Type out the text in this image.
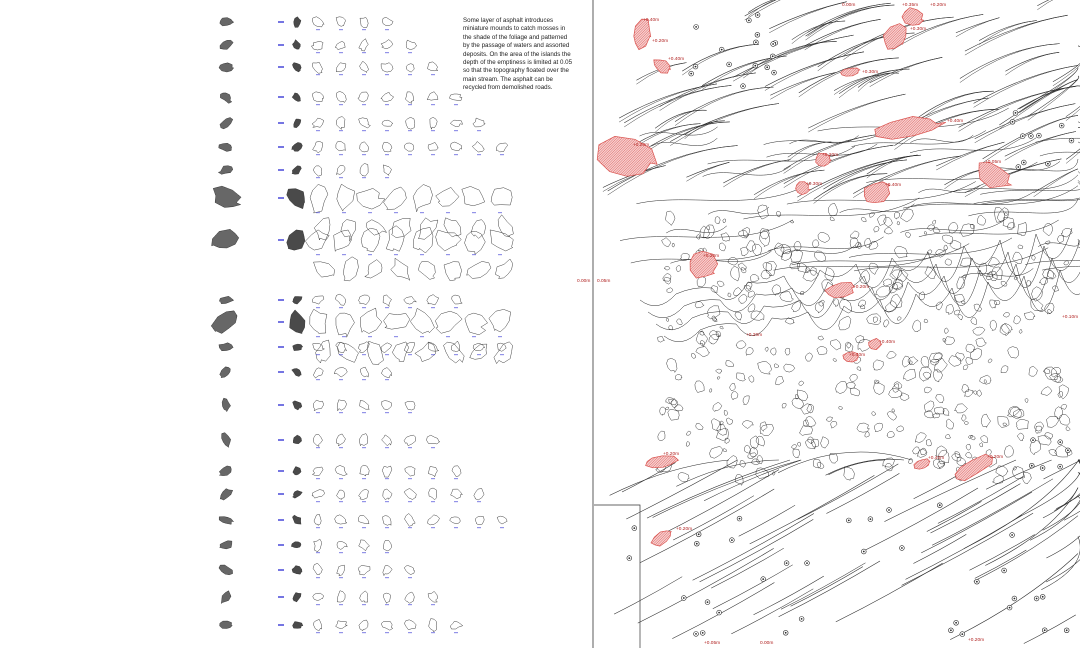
Some layer of asphalt introduces miniature mounds to catch mosses in the shade of the foliage and patterned by the passage of waters and assorted deposits. On the area of the islands the depth of the emptiness is limited at 0.05 so that the topography floated over the main stream. The asphalt can be recycled from demolished roads.
0.00m	+0.35m +0.20m
+0.40m
+0.20m
+0.40m
+0.30m
+0.30m
+0.40m
+0.20m
+0.20m
+0.40m
+0.05m
+0.30m
+0.10m
+0.20m
+0.20m
+0.40m
+0.20m
+0.40m
+0.20m
+0.40m	+0.20m
0.00m 0.05m
+0.20m
0.00m
+0.05m
+0.20m
